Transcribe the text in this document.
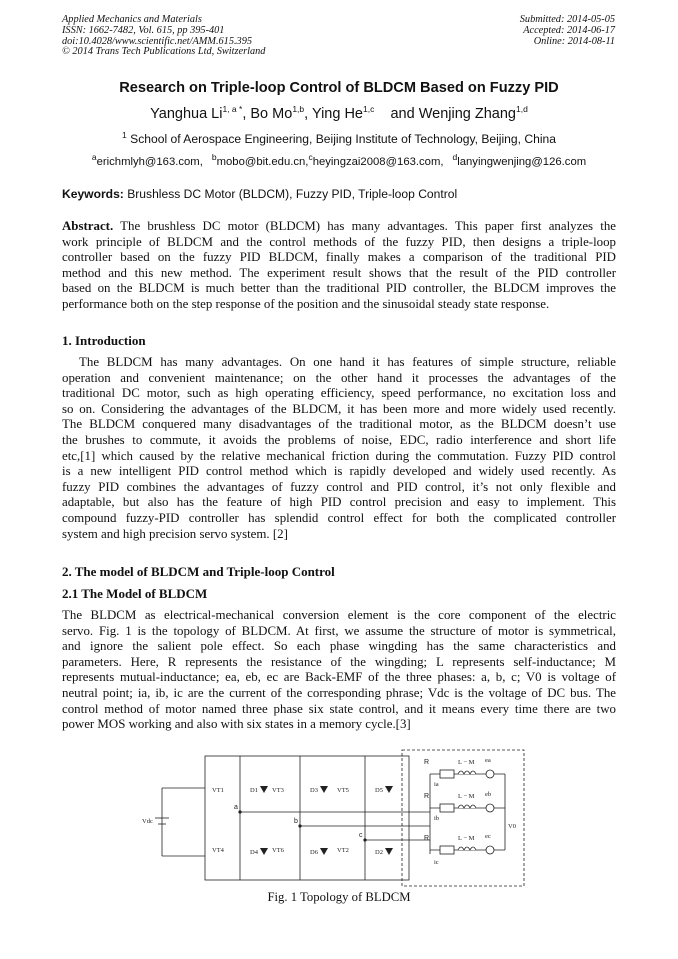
Applied Mechanics and Materials
ISSN: 1662-7482, Vol. 615, pp 395-401
doi:10.4028/www.scientific.net/AMM.615.395
© 2014 Trans Tech Publications Ltd, Switzerland
Submitted: 2014-05-05
Accepted: 2014-06-17
Online: 2014-08-11
Research on Triple-loop Control of BLDCM Based on Fuzzy PID
Yanghua $Li^{1, a *}$, Bo Mo$^{1,b}$, Ying He$^{1,c}$ and Wenjing Zhang$^{1,d}$
$^1$ School of Aerospace Engineering, Beijing Institute of Technology, Beijing, China
$^a$erichmlyh@163.com, $^b$mobo@bit.edu.cn,$^c$heyingzai2008@163.com, $^d$lanyingwenjing@126.com
Keywords: Brushless DC Motor (BLDCM), Fuzzy PID, Triple-loop Control
Abstract. The brushless DC motor (BLDCM) has many advantages. This paper first analyzes the
work principle of BLDCM and the control methods of the fuzzy PID, then designs a triple-loop
controller based on the fuzzy PID BLDCM, finally makes a comparison of the traditional PID
method and this new method. The experiment result shows that the result of the PID controller
based on the BLDCM is much better than the traditional PID controller, the BLDCM improves the
performance both on the step response of the position and the sinusoidal steady state response.
1. Introduction
The BLDCM has many advantages. On one hand it has features of simple structure, reliable
operation and convenient maintenance; on the other hand it processes the advantages of the
traditional DC motor, such as high operating efficiency, speed performance, no excitation loss and
so on. Considering the advantages of the BLDCM, it has been more and more widely used recently.
The BLDCM conquered many disadvantages of the traditional motor, as the BLDCM doesn’t use
the brushes to commute, it avoids the problems of noise, EDC, radio interference and short life
etc,[1] which caused by the relative mechanical friction during the commutation. Fuzzy PID control
is a new intelligent PID control method which is rapidly developed and widely used recently. As
fuzzy PID combines the advantages of fuzzy control and PID control, it’s not only flexible and
adaptable, but also has the feature of high PID control precision and easy to implement. This
compound fuzzy-PID controller has splendid control effect for both the complicated controller
system and high precision servo system. [2]
2. The model of BLDCM and Triple-loop Control
2.1 The Model of BLDCM
The BLDCM as electrical-mechanical conversion element is the core component of the electric
servo. Fig. 1 is the topology of BLDCM. At first, we assume the structure of motor is symmetrical,
and ignore the salient pole effect. So each phase wingding has the same characteristics and
parameters. Here, R represents the resistance of the wingding; L represents self-inductance; M
represents mutual-inductance; ea, eb, ec are Back-EMF of the three phases: a, b, c; V0 is voltage of
neutral point; ia, ib, ic are the current of the corresponding phrase; Vdc is the voltage of DC bus. The
control method of motor named three phase six state control, and it means every time there are two
power MOS working and also with six states in a memory cycle.[3]
VT1	VT3	VT5
VT4	VT6	VT2
D1	D3	D5
D4	D6	D2
Vdc
V0
L − M
L − M
L − M
ea
eb
ec
ia
ib
ic
a
b
c
R
R
R
Fig. 1 Topology of BLDCM
